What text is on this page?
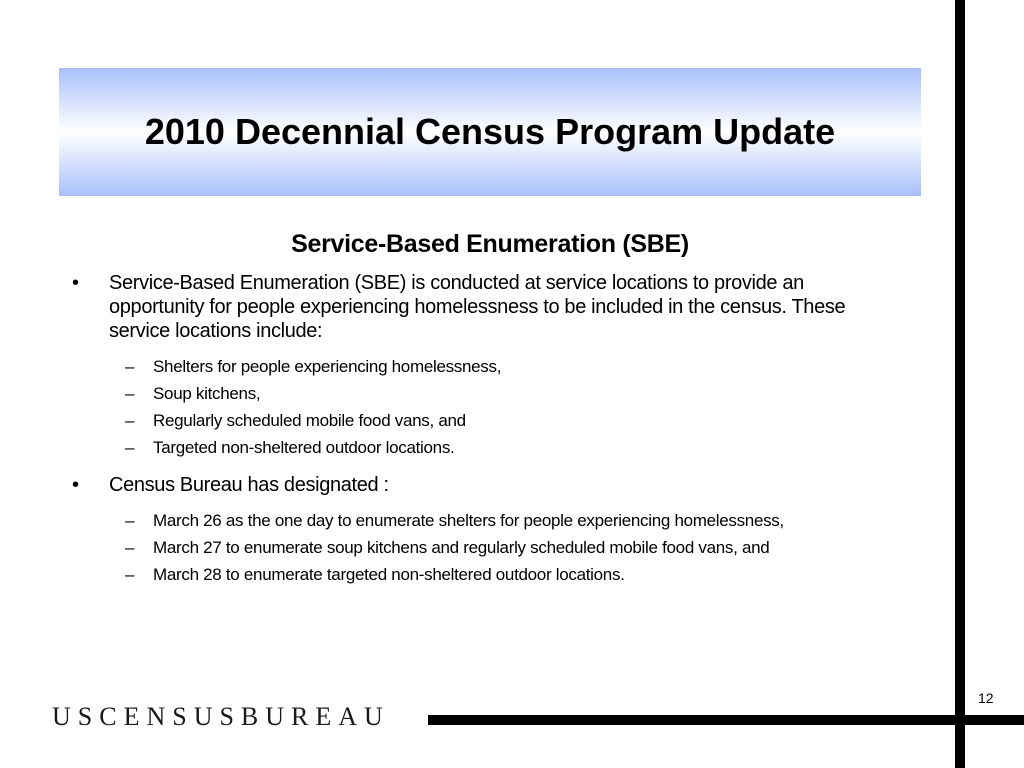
2010 Decennial Census Program Update
Service-Based Enumeration (SBE)
• Service-Based Enumeration (SBE) is conducted at service locations to provide an opportunity for people experiencing homelessness to be included in the census. These service locations include:
– Shelters for people experiencing homelessness,
– Soup kitchens,
– Regularly scheduled mobile food vans, and
– Targeted non-sheltered outdoor locations.
• Census Bureau has designated :
– March 26 as the one day to enumerate shelters for people experiencing homelessness,
– March 27 to enumerate soup kitchens and regularly scheduled mobile food vans, and
– March 28 to enumerate targeted non-sheltered outdoor locations.
USCENSUSBUREAU
12
